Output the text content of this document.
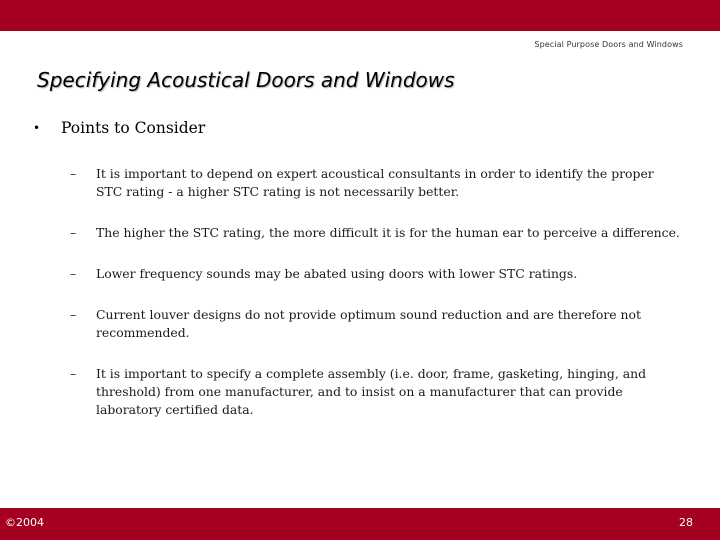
Special Purpose Doors and Windows
Specifying Acoustical Doors and Windows
• Points to Consider
– It is important to depend on expert acoustical consultants in order to identify the proper STC rating - a higher STC rating is not necessarily better.
– The higher the STC rating, the more difficult it is for the human ear to perceive a difference.
– Lower frequency sounds may be abated using doors with lower STC ratings.
– Current louver designs do not provide optimum sound reduction and are therefore not recommended.
– It is important to specify a complete assembly (i.e. door, frame, gasketing, hinging, and threshold) from one manufacturer, and to insist on a manufacturer that can provide laboratory certified data.
©2004	28
